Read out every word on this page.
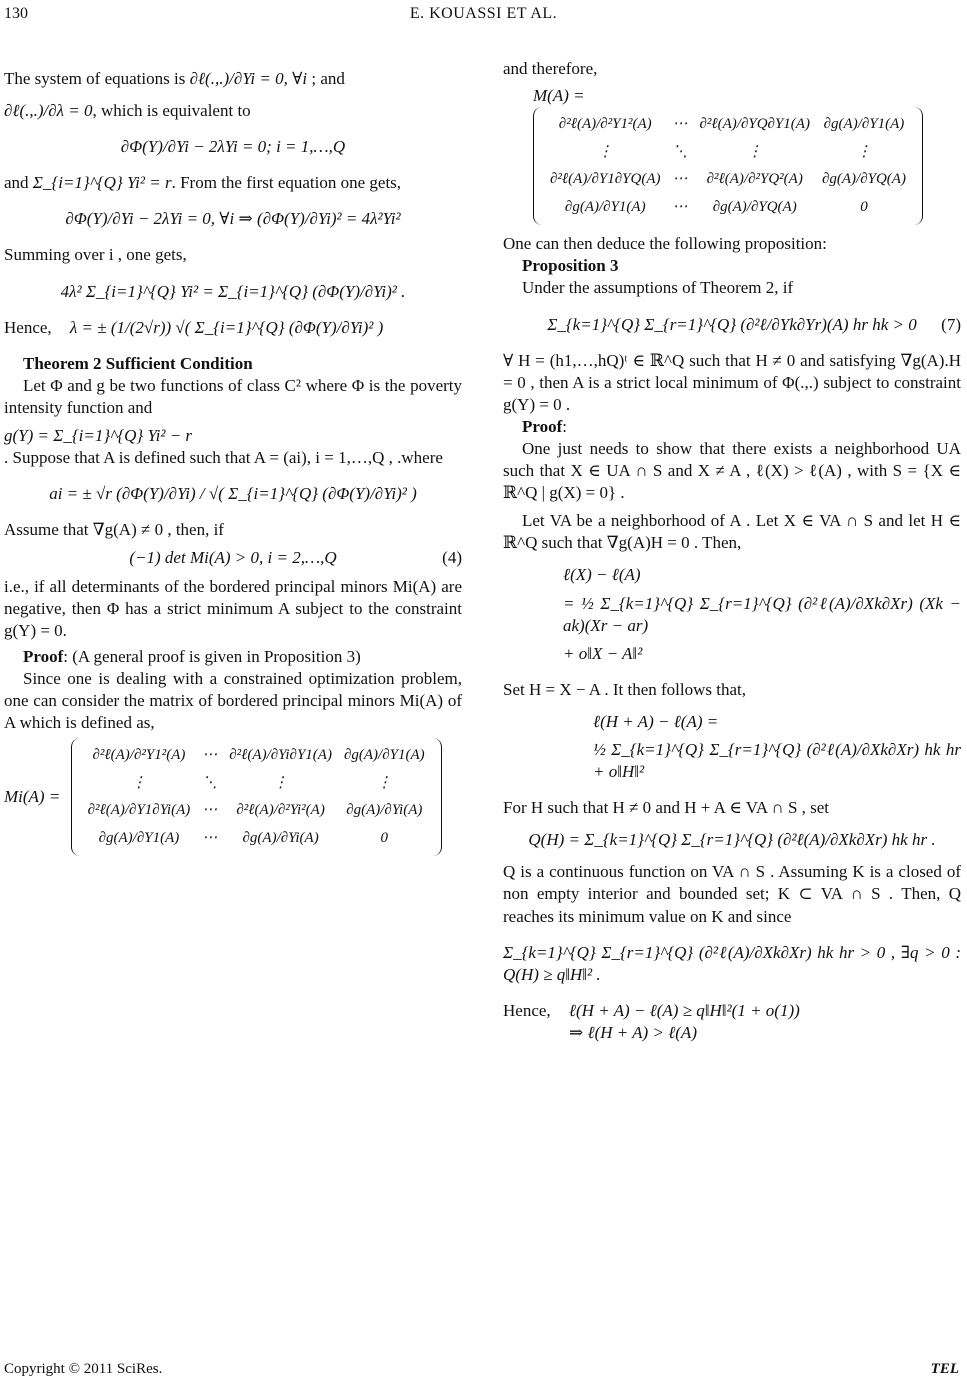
130	E. KOUASSI ET AL.

The system of equations is ∂ℓ(.,.)/∂Yi = 0, ∀i ; and

∂ℓ(.,.)/∂λ = 0, which is equivalent to

∂Φ(Y)/∂Yi − 2λYi = 0; i = 1,…,Q

and Σ_{i=1}^{Q} Yi² = r. From the first equation one gets,

∂Φ(Y)/∂Yi − 2λYi = 0, ∀i ⇒ (∂Φ(Y)/∂Yi)² = 4λ²Yi²

Summing over i , one gets,

4λ² Σ_{i=1}^{Q} Yi² = Σ_{i=1}^{Q} (∂Φ(Y)/∂Yi)² .

Hence, λ = ± (1/(2√r)) √( Σ_{i=1}^{Q} (∂Φ(Y)/∂Yi)² )

Theorem 2 Sufficient Condition

Let Φ and g be two functions of class C² where Φ is the poverty intensity function and

g(Y) = Σ_{i=1}^{Q} Yi² − r

. Suppose that A is defined such that A = (ai), i = 1,…,Q , .where

ai = ± √r (∂Φ(Y)/∂Yi) / √( Σ_{i=1}^{Q} (∂Φ(Y)/∂Yi)² )

Assume that ∇g(A) ≠ 0 , then, if

(−1) det Mi(A) > 0, i = 2,…,Q	(4)

i.e., if all determinants of the bordered principal minors Mi(A) are negative, then Φ has a strict minimum A subject to the constraint g(Y) = 0.

Proof: (A general proof is given in Proposition 3)

Since one is dealing with a constrained optimization problem, one can consider the matrix of bordered principal minors Mi(A) of A which is defined as,

Mi(A) =
∂²ℓ(A)/∂²Y1²(A)	⋯	∂²ℓ(A)/∂Yi∂Y1(A)	∂g(A)/∂Y1(A)
⋮	⋱	⋮	⋮
∂²ℓ(A)/∂Y1∂Yi(A)	⋯	∂²ℓ(A)/∂²Yi²(A)	∂g(A)/∂Yi(A)
∂g(A)/∂Y1(A)	⋯	∂g(A)/∂Yi(A)	0

and therefore,

M(A) =
∂²ℓ(A)/∂²Y1²(A)	⋯	∂²ℓ(A)/∂YQ∂Y1(A)	∂g(A)/∂Y1(A)
⋮	⋱	⋮	⋮
∂²ℓ(A)/∂Y1∂YQ(A)	⋯	∂²ℓ(A)/∂²YQ²(A)	∂g(A)/∂YQ(A)
∂g(A)/∂Y1(A)	⋯	∂g(A)/∂YQ(A)	0

One can then deduce the following proposition:

Proposition 3

Under the assumptions of Theorem 2, if

Σ_{k=1}^{Q} Σ_{r=1}^{Q} (∂²ℓ/∂Yk∂Yr)(A) hr hk > 0 (7)

∀ H = (h1,…,hQ)ᵗ ∈ ℝ^Q such that H ≠ 0 and satisfying ∇g(A).H = 0 , then A is a strict local minimum of Φ(.,.) subject to constraint g(Y) = 0 .

Proof:

One just needs to show that there exists a neighborhood UA such that X ∈ UA ∩ S and X ≠ A , ℓ(X) > ℓ(A) , with S = {X ∈ ℝ^Q | g(X) = 0} .

Let VA be a neighborhood of A . Let X ∈ VA ∩ S and let H ∈ ℝ^Q such that ∇g(A)H = 0 . Then,

ℓ(X) − ℓ(A)

= ½ Σ_{k=1}^{Q} Σ_{r=1}^{Q} (∂²ℓ(A)/∂Xk∂Xr) (Xk − ak)(Xr − ar)

+ o‖X − A‖²

Set H = X − A . It then follows that,

ℓ(H + A) − ℓ(A) =

½ Σ_{k=1}^{Q} Σ_{r=1}^{Q} (∂²ℓ(A)/∂Xk∂Xr) hk hr + o‖H‖²

For H such that H ≠ 0 and H + A ∈ VA ∩ S , set

Q(H) = Σ_{k=1}^{Q} Σ_{r=1}^{Q} (∂²ℓ(A)/∂Xk∂Xr) hk hr .

Q is a continuous function on VA ∩ S . Assuming K is a closed of non empty interior and bounded set; K ⊂ VA ∩ S . Then, Q reaches its minimum value on K and since

Σ_{k=1}^{Q} Σ_{r=1}^{Q} (∂²ℓ(A)/∂Xk∂Xr) hk hr > 0 , ∃q > 0 : Q(H) ≥ q‖H‖² .

Hence, ℓ(H + A) − ℓ(A) ≥ q‖H‖²(1 + o(1))

⇒ ℓ(H + A) > ℓ(A)

Copyright © 2011 SciRes.	TEL
